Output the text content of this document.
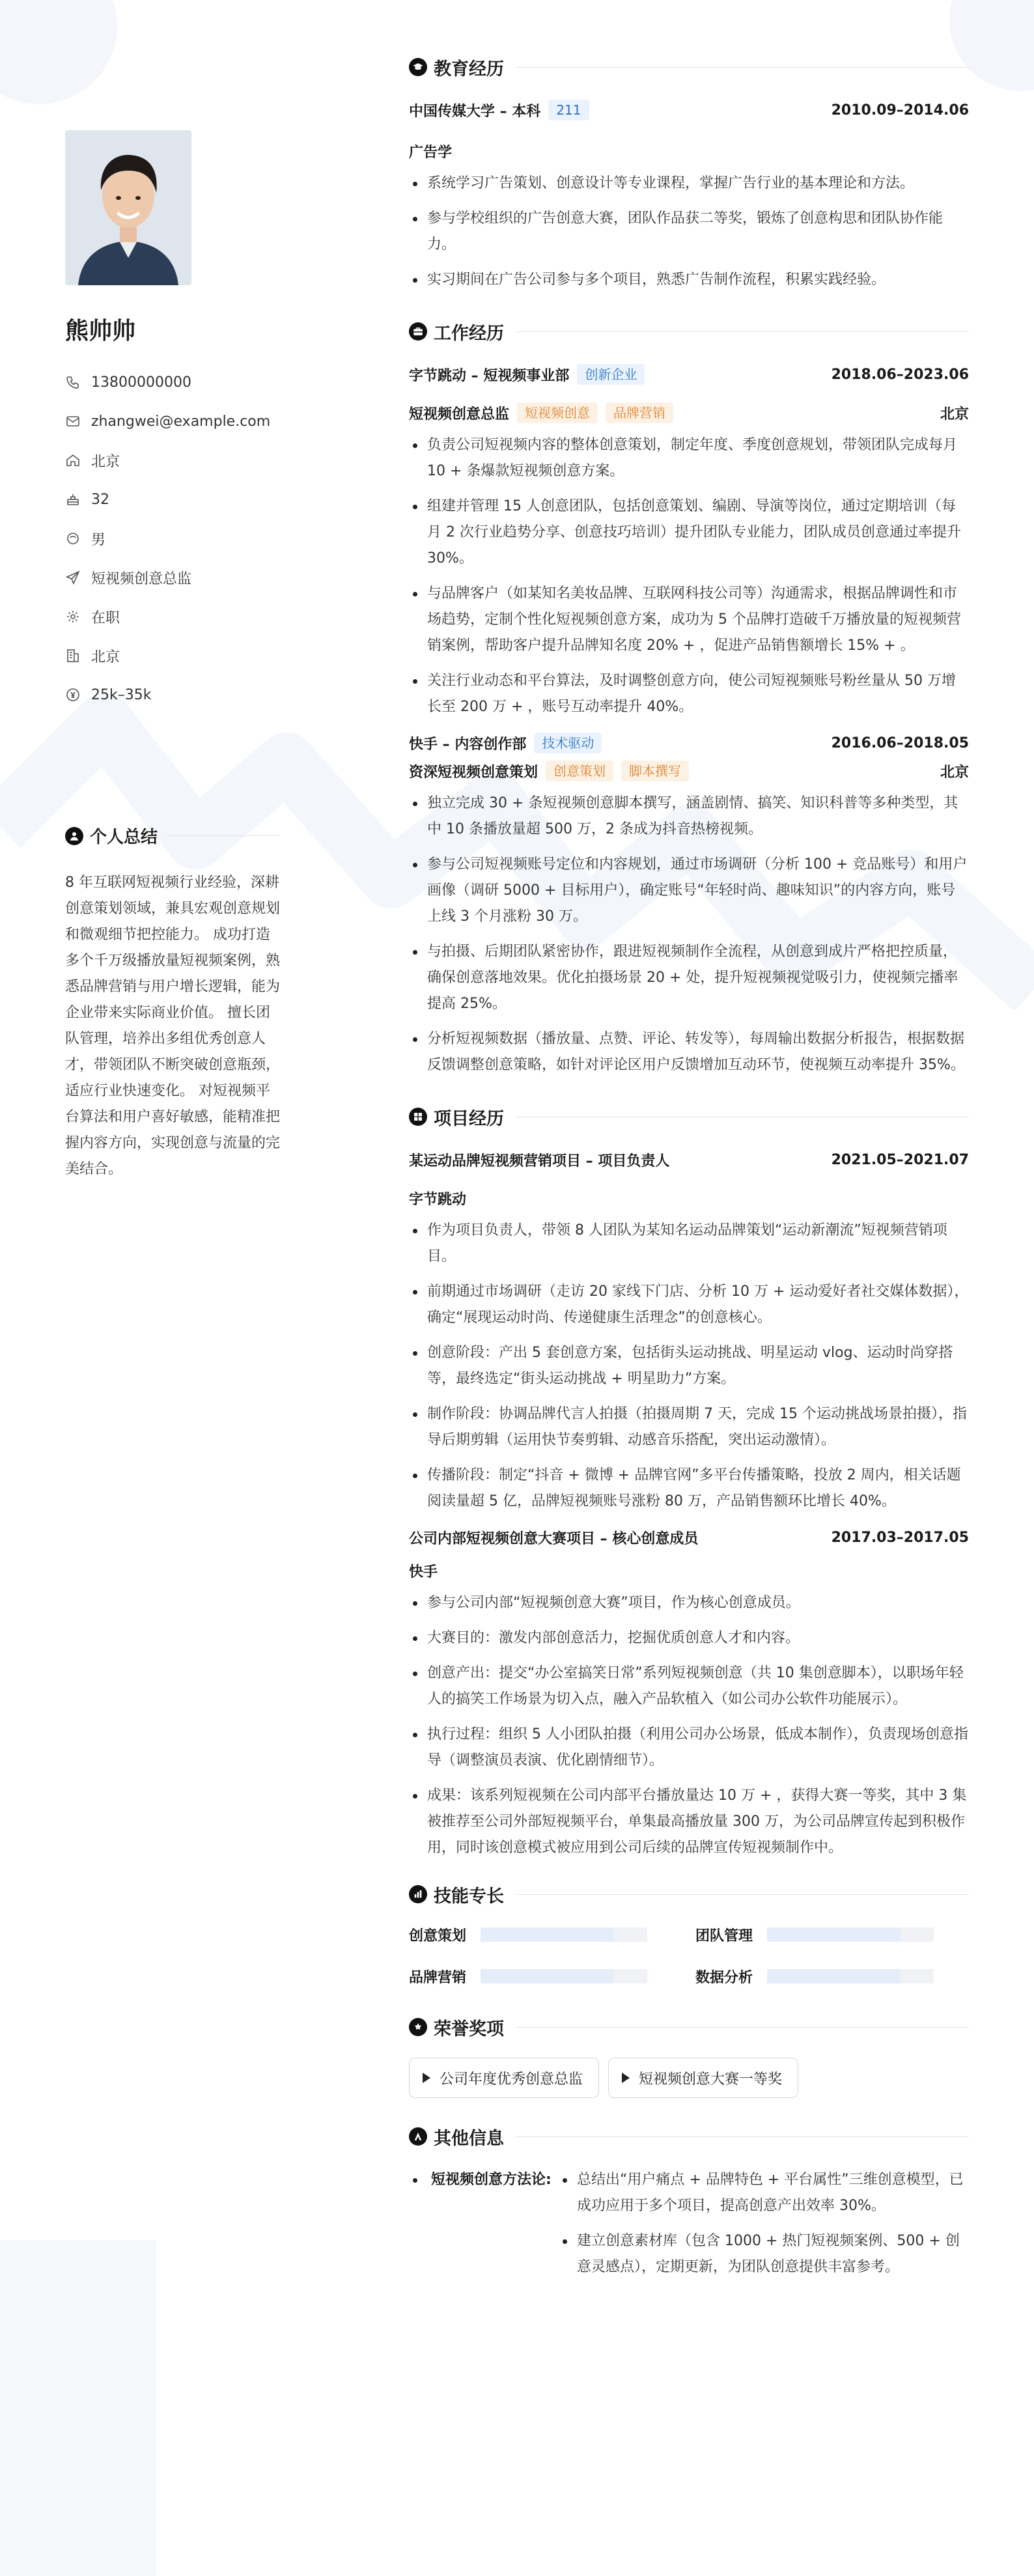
熊帅帅
13800000000
zhangwei@example.com
北京
32
男
短视频创意总监
在职
北京
25k–35k
个人总结

8 年互联网短视频行业经验，深耕创意策划领域，兼具宏观创意规划和微观细节把控能力。 成功打造多个千万级播放量短视频案例，熟悉品牌营销与用户增长逻辑，能为企业带来实际商业价值。 擅长团队管理，培养出多组优秀创意人才，带领团队不断突破创意瓶颈，适应行业快速变化。 对短视频平台算法和用户喜好敏感，能精准把握内容方向，实现创意与流量的完美结合。

教育经历
中国传媒大学 – 本科	211	2010.09–2014.06
广告学
系统学习广告策划、创意设计等专业课程，掌握广告行业的基本理论和方法。
参与学校组织的广告创意大赛，团队作品获二等奖，锻炼了创意构思和团队协作能力。
实习期间在广告公司参与多个项目，熟悉广告制作流程，积累实践经验。
工作经历
字节跳动 – 短视频事业部	创新企业	2018.06–2023.06
短视频创意总监	短视频创意	品牌营销	北京
负责公司短视频内容的整体创意策划，制定年度、季度创意规划，带领团队完成每月 10 + 条爆款短视频创意方案。
组建并管理 15 人创意团队，包括创意策划、编剧、导演等岗位，通过定期培训（每月 2 次行业趋势分享、创意技巧培训）提升团队专业能力，团队成员创意通过率提升 30%。
与品牌客户（如某知名美妆品牌、互联网科技公司等）沟通需求，根据品牌调性和市场趋势，定制个性化短视频创意方案，成功为 5 个品牌打造破千万播放量的短视频营销案例，帮助客户提升品牌知名度 20% + ，促进产品销售额增长 15% + 。
关注行业动态和平台算法，及时调整创意方向，使公司短视频账号粉丝量从 50 万增长至 200 万 + ，账号互动率提升 40%。
快手 – 内容创作部	技术驱动	2016.06–2018.05
资深短视频创意策划	创意策划	脚本撰写	北京
独立完成 30 + 条短视频创意脚本撰写，涵盖剧情、搞笑、知识科普等多种类型，其中 10 条播放量超 500 万，2 条成为抖音热榜视频。
参与公司短视频账号定位和内容规划，通过市场调研（分析 100 + 竞品账号）和用户画像（调研 5000 + 目标用户），确定账号“年轻时尚、趣味知识”的内容方向，账号上线 3 个月涨粉 30 万。
与拍摄、后期团队紧密协作，跟进短视频制作全流程，从创意到成片严格把控质量，确保创意落地效果。优化拍摄场景 20 + 处，提升短视频视觉吸引力，使视频完播率提高 25%。
分析短视频数据（播放量、点赞、评论、转发等），每周输出数据分析报告，根据数据反馈调整创意策略，如针对评论区用户反馈增加互动环节，使视频互动率提升 35%。
项目经历
某运动品牌短视频营销项目 – 项目负责人	2021.05–2021.07
字节跳动
作为项目负责人，带领 8 人团队为某知名运动品牌策划“运动新潮流”短视频营销项目。
前期通过市场调研（走访 20 家线下门店、分析 10 万 + 运动爱好者社交媒体数据），确定“展现运动时尚、传递健康生活理念”的创意核心。
创意阶段：产出 5 套创意方案，包括街头运动挑战、明星运动 vlog、运动时尚穿搭等，最终选定“街头运动挑战 + 明星助力”方案。
制作阶段：协调品牌代言人拍摄（拍摄周期 7 天，完成 15 个运动挑战场景拍摄），指导后期剪辑（运用快节奏剪辑、动感音乐搭配，突出运动激情）。
传播阶段：制定“抖音 + 微博 + 品牌官网”多平台传播策略，投放 2 周内，相关话题阅读量超 5 亿，品牌短视频账号涨粉 80 万，产品销售额环比增长 40%。
公司内部短视频创意大赛项目 – 核心创意成员	2017.03–2017.05
快手
参与公司内部“短视频创意大赛”项目，作为核心创意成员。
大赛目的：激发内部创意活力，挖掘优质创意人才和内容。
创意产出：提交“办公室搞笑日常”系列短视频创意（共 10 集创意脚本），以职场年轻人的搞笑工作场景为切入点，融入产品软植入（如公司办公软件功能展示）。
执行过程：组织 5 人小团队拍摄（利用公司办公场景，低成本制作），负责现场创意指导（调整演员表演、优化剧情细节）。
成果：该系列短视频在公司内部平台播放量达 10 万 + ，获得大赛一等奖，其中 3 集被推荐至公司外部短视频平台，单集最高播放量 300 万，为公司品牌宣传起到积极作用，同时该创意模式被应用到公司后续的品牌宣传短视频制作中。
技能专长
创意策划	团队管理
品牌营销	数据分析
荣誉奖项
公司年度优秀创意总监	短视频创意大赛一等奖
其他信息
短视频创意方法论:	总结出“用户痛点 + 品牌特色 + 平台属性”三维创意模型，已成功应用于多个项目，提高创意产出效率 30%。
建立创意素材库（包含 1000 + 热门短视频案例、500 + 创意灵感点），定期更新，为团队创意提供丰富参考。
